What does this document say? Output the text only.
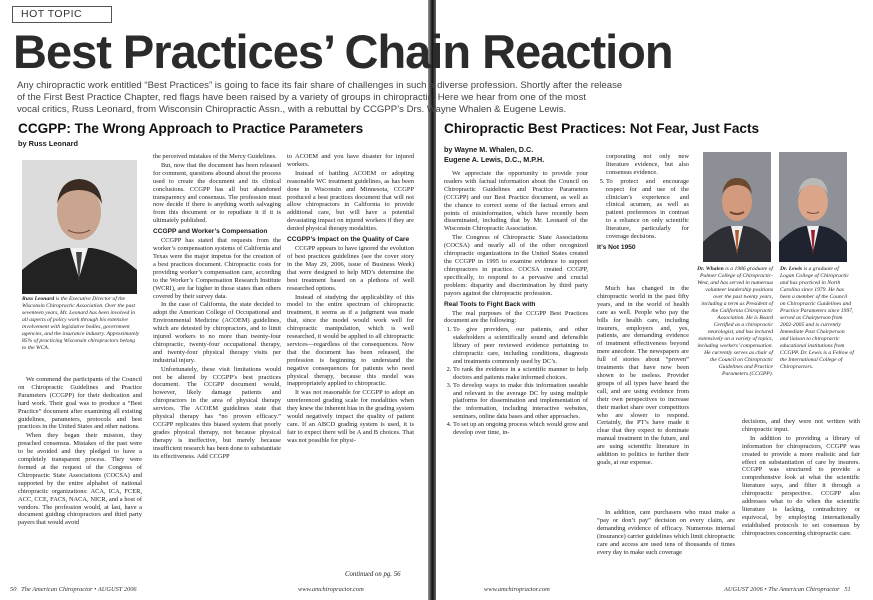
HOT TOPIC
Best Practices’ Chain Reaction
Any chiropractic work entitled “Best Practices” is going to face its fair share of challenges in such a diverse profession. Shortly after the release
of the First Best Practice Chapter, red flags have been raised by a variety of groups in chiropractic. Here we hear from one of the most
vocal critics, Russ Leonard, from Wisconsin Chiropractic Assn., with a rebuttal by CCGPP’s Drs. Wayne Whalen & Eugene Lewis.
CCGPP: The Wrong Approach to Practice Parameters
by Russ Leonard
Russ Leonard is the Executive Director of the Wisconsin Chiropractic Association. Over the past seventeen years, Mr. Leonard has been involved in all aspects of policy work through his extensive involvement with legislative bodies, government agencies, and the insurance industry. Approximately 85% of practicing Wisconsin chiropractors belong to the WCA.

We commend the participants of the Council on Chiropractic Guidelines and Practice Parameters (CCGPP) for their dedication and hard work. Their goal was to produce a “Best Practice” document after examining all existing guidelines, parameters, protocols and best practices in the United States and other nations.

When they began their mission, they preached consensus. Mistakes of the past were to be avoided and they pledged to have a completely transparent process. They were formed at the request of the Congress of Chiropractic State Associations (COCSA) and supported by the entire alphabet of national chiropractic organizations: ACA, ICA, FCER, ACC, CCE, FACS, NACA, NICR, and a host of vendors. The profession would, at last, have a document guiding chiropractors and third party payers that would avoid

the perceived mistakes of the Mercy Guidelines.

But, now that the document has been released for comment, questions abound about the process used to create the document and its clinical conclusions. CCGPP has all but abandoned transparency and consensus. The profession must now decide if there is anything worth salvaging from this document or to repudiate it if it is ultimately published.

CCGPP and Worker’s Compensation

CCGPP has stated that requests from the worker’s compensation systems of California and Texas were the major impetus for the creation of a best practices document. Chiropractic costs for providing worker’s compensation care, according to the Worker’s Compensation Research Institute (WCRI), are far higher in those states than others covered by their survey data.

In the case of California, the state decided to adopt the American College of Occupational and Environmental Medicine (ACOEM) guidelines, which are detested by chiropractors, and to limit injured workers to no more than twenty-four chiropractic, twenty-four occupational therapy, and twenty-four physical therapy visits per industrial injury.

Unfortunately, these visit limitations would not be altered by CCGPP’s best practices document. The CCGPP document would, however, likely damage patients and chiropractors in the area of physical therapy services. The ACOEM guidelines state that physical therapy has “no proven efficacy.” CCGPP replicates this biased system that poorly grades physical therapy, not because physical therapy is ineffective, but merely because insufficient research has been done to substantiate its effectiveness. Add CCGPP

to ACOEM and you have disaster for injured workers.

Instead of battling ACOEM or adopting reasonable WC treatment guidelines, as has been done in Wisconsin and Minnesota, CCGPP produced a best practices document that will not allow chiropractors in California to provide additional care, but will have a potential devastating impact on injured workers if they are denied physical therapy modalities.

CCGPP’s Impact on the Quality of Care

CCGPP appears to have ignored the evolution of best practices guidelines (see the cover story in the May 29, 2006, issue of Business Week) that were designed to help MD’s determine the best treatment based on a plethora of well researched options.

Instead of studying the applicability of this model to the entire spectrum of chiropractic treatment, it seems as if a judgment was made that, since the model would work well for chiropractic manipulation, which is well researched, it would be applied to all chiropractic services—regardless of the consequences. Now that the document has been released, the profession is beginning to understand the negative consequences for patients who need physical therapy, because this model was inappropriately applied to chiropractic.

It was not reasonable for CCGPP to adopt an unreferenced grading scale for modalities when they knew the inherent bias in the grading system would negatively impact the quality of patient care. If an ABCD grading system is used, it is fair to expect there will be A and B choices. That was not possible for physi-

Continued on pg. 56
50   The American Chiropractor • AUGUST 2006	www.amchiropractor.com
Chiropractic Best Practices: Not Fear, Just Facts
by Wayne M. Whalen, D.C.
Eugene A. Lewis, D.C., M.P.H.

We appreciate the opportunity to provide your readers with factual information about the Council on Chiropractic Guidelines and Practice Parameters (CCGPP) and our Best Practice document, as well as the chance to correct some of the factual errors and points of misinformation, which have recently been disseminated, including that by Mr. Leonard of the Wisconsin Chiropractic Association.

The Congress of Chiropractic State Associations (COCSA) and nearly all of the other recognized chiropractic organizations in the United States created the CCGPP in 1995 to examine evidence to support chiropractors in practice. COCSA created CCGPP, specifically, to respond to a pervasive and crucial problem: disparity and discrimination by third party payors against the chiropractic profession.

Real Tools to Fight Back with

The real purposes of the CCGPP Best Practices document are the following:

1. To give providers, our patients, and other stakeholders a scientifically sound and defensible library of peer reviewed evidence pertaining to chiropractic care, including conditions, diagnosis and treatments commonly used by DC’s.
2. To rank the evidence in a scientific manner to help doctors and patients make informed choices.
3. To develop ways to make this information useable and relevant to the average DC by using multiple platforms for dissemination and implementation of the information, including interactive websites, seminars, online data bases and other approaches.
4. To set up an ongoing process which would grow and develop over time, in-

corporating not only new literature evidence, but also consensus evidence.

5. To protect and encourage respect for and use of the clinician’s experience and clinical acumen, as well as patient preferences in contrast to a reliance on only scientific literature, particularly for coverage decisions.
It’s Not 1950

Much has changed in the chiropractic world in the past fifty years, and in the world of health care as well. People who pay the bills for health care, including insurers, employers and, yes, patients, are demanding evidence of treatment effectiveness beyond mere anecdote. The newspapers are full of stories about “proven” treatments that have now been shown to be useless. Provider groups of all types have heard the call, and are using evidence from their own perspectives to increase their market share over competitors who are slower to respond. Certainly, the PT’s have made it clear that they expect to dominate manual treatment in the future, and are using scientific literature in addition to politics to further their goals, at our expense.

In addition, care purchasers who must make a “pay or don’t pay” decision on every claim, are demanding evidence of efficacy. Numerous internal (insurance) carrier guidelines which limit chiropractic care and access are used tens of thousands of times every day to make such coverage

Dr. Whalen is a 1986 graduate of Palmer College of Chiropractic-West, and has served in numerous volunteer leadership positions over the past twenty years, including a term as President of the California Chiropractic Association. He is Board Certified as a chiropractic neurologist, and has lectured extensively on a variety of topics, including workers’ compensation. He currently serves as chair of the Council on Chiropractic Guidelines and Practice Parameters (CCGPP).
Dr. Lewis is a graduate of Logan College of Chiropractic and has practiced in North Carolina since 1979. He has been a member of the Council on Chiropractic Guidelines and Practice Parameters since 1997, served as Chairperson from 2002-2005 and is currently Immediate Past Chairperson and liaison to chiropractic educational institutions from CCGPP. Dr. Lewis is a Fellow of the International College of Chiropractors.

decisions, and they were not written with chiropractic input.

In addition to providing a library of information for chiropractors, CCGPP was created to provide a more realistic and fair effect on substantiation of care by insurers. CCGPP was structured to provide a comprehensive look at what the scientific literature says, and filter it through a chiropractic perspective. CCGPP also addresses what to do when the scientific literature is lacking, contradictory or equivocal, by employing internationally established protocols to set consensus by chiropractors concerning chiropractic care.

www.amchiropractor.com	AUGUST 2006 • The American Chiropractor   51
